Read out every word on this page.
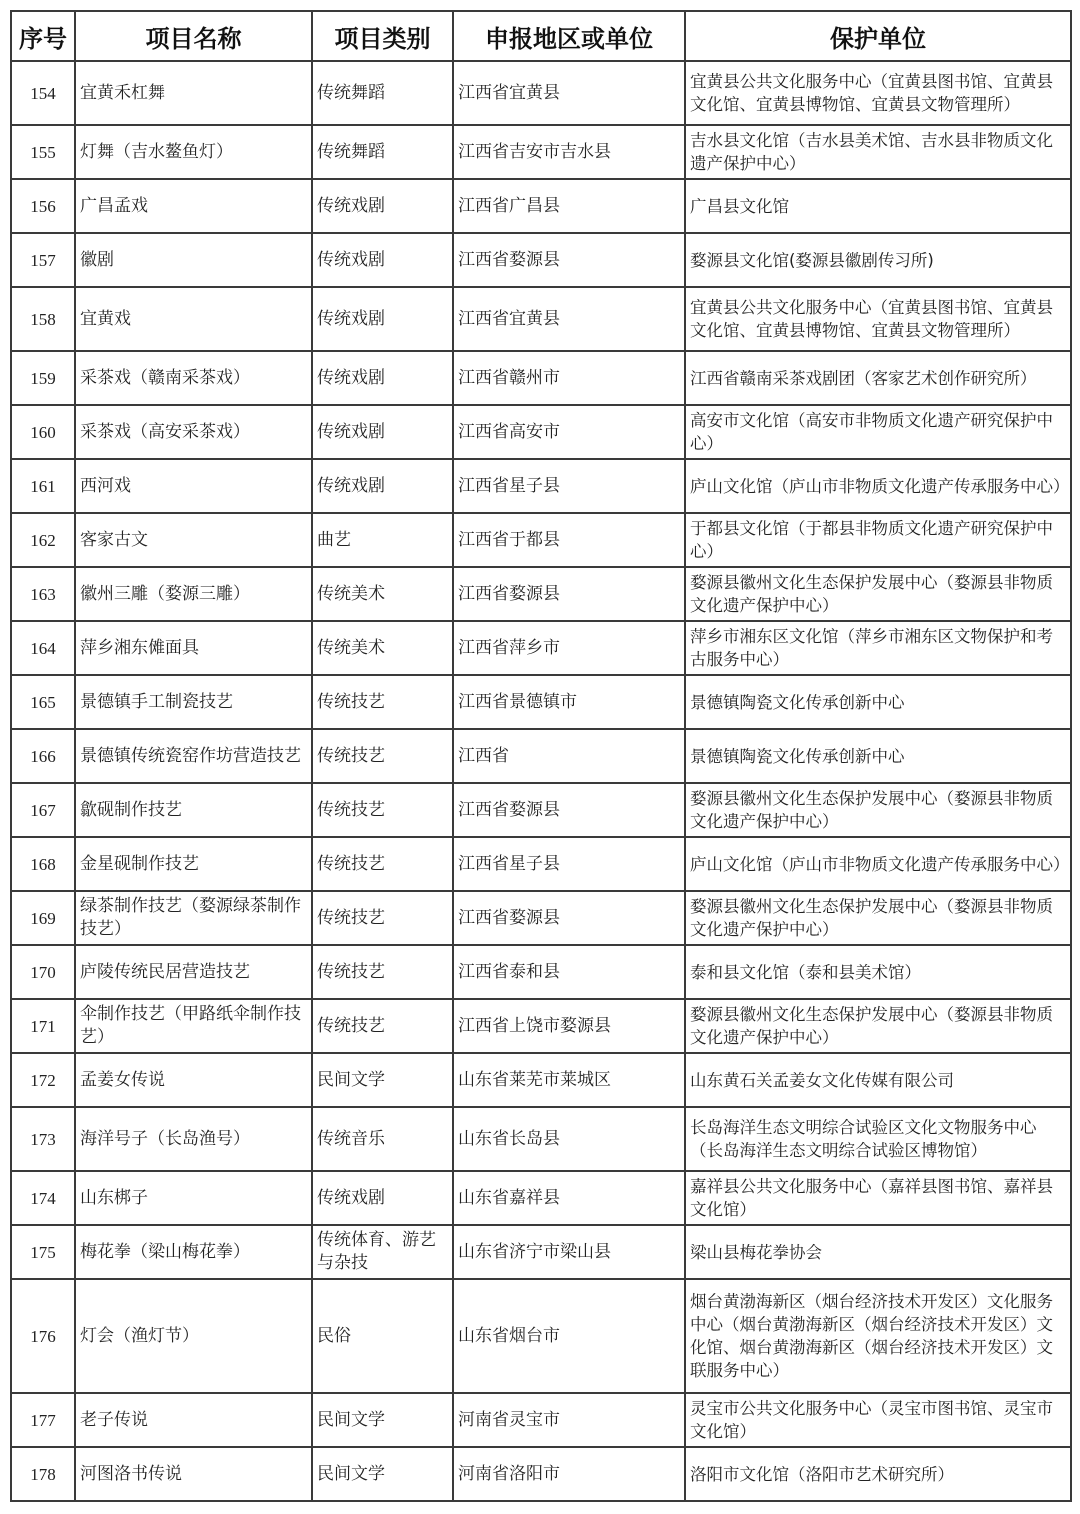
序号	项目名称	项目类别	申报地区或单位	保护单位
154	宜黄禾杠舞	传统舞蹈	江西省宜黄县	宜黄县公共文化服务中心（宜黄县图书馆、宜黄县文化馆、宜黄县博物馆、宜黄县文物管理所）
155	灯舞（吉水鳌鱼灯）	传统舞蹈	江西省吉安市吉水县	吉水县文化馆（吉水县美术馆、吉水县非物质文化遗产保护中心）
156	广昌孟戏	传统戏剧	江西省广昌县	广昌县文化馆
157	徽剧	传统戏剧	江西省婺源县	婺源县文化馆(婺源县徽剧传习所)
158	宜黄戏	传统戏剧	江西省宜黄县	宜黄县公共文化服务中心（宜黄县图书馆、宜黄县文化馆、宜黄县博物馆、宜黄县文物管理所）
159	采茶戏（赣南采茶戏）	传统戏剧	江西省赣州市	江西省赣南采茶戏剧团（客家艺术创作研究所）
160	采茶戏（高安采茶戏）	传统戏剧	江西省高安市	高安市文化馆（高安市非物质文化遗产研究保护中心）
161	西河戏	传统戏剧	江西省星子县	庐山文化馆（庐山市非物质文化遗产传承服务中心）
162	客家古文	曲艺	江西省于都县	于都县文化馆（于都县非物质文化遗产研究保护中心）
163	徽州三雕（婺源三雕）	传统美术	江西省婺源县	婺源县徽州文化生态保护发展中心（婺源县非物质文化遗产保护中心）
164	萍乡湘东傩面具	传统美术	江西省萍乡市	萍乡市湘东区文化馆（萍乡市湘东区文物保护和考古服务中心）
165	景德镇手工制瓷技艺	传统技艺	江西省景德镇市	景德镇陶瓷文化传承创新中心
166	景德镇传统瓷窑作坊营造技艺	传统技艺	江西省	景德镇陶瓷文化传承创新中心
167	歙砚制作技艺	传统技艺	江西省婺源县	婺源县徽州文化生态保护发展中心（婺源县非物质文化遗产保护中心）
168	金星砚制作技艺	传统技艺	江西省星子县	庐山文化馆（庐山市非物质文化遗产传承服务中心）
169	绿茶制作技艺（婺源绿茶制作技艺）	传统技艺	江西省婺源县	婺源县徽州文化生态保护发展中心（婺源县非物质文化遗产保护中心）
170	庐陵传统民居营造技艺	传统技艺	江西省泰和县	泰和县文化馆（泰和县美术馆）
171	伞制作技艺（甲路纸伞制作技艺）	传统技艺	江西省上饶市婺源县	婺源县徽州文化生态保护发展中心（婺源县非物质文化遗产保护中心）
172	孟姜女传说	民间文学	山东省莱芜市莱城区	山东黄石关孟姜女文化传媒有限公司
173	海洋号子（长岛渔号）	传统音乐	山东省长岛县	长岛海洋生态文明综合试验区文化文物服务中心（长岛海洋生态文明综合试验区博物馆）
174	山东梆子	传统戏剧	山东省嘉祥县	嘉祥县公共文化服务中心（嘉祥县图书馆、嘉祥县文化馆）
175	梅花拳（梁山梅花拳）	传统体育、游艺与杂技	山东省济宁市梁山县	梁山县梅花拳协会
176	灯会（渔灯节）	民俗	山东省烟台市	烟台黄渤海新区（烟台经济技术开发区）文化服务中心（烟台黄渤海新区（烟台经济技术开发区）文化馆、烟台黄渤海新区（烟台经济技术开发区）文联服务中心）
177	老子传说	民间文学	河南省灵宝市	灵宝市公共文化服务中心（灵宝市图书馆、灵宝市文化馆）
178	河图洛书传说	民间文学	河南省洛阳市	洛阳市文化馆（洛阳市艺术研究所）
